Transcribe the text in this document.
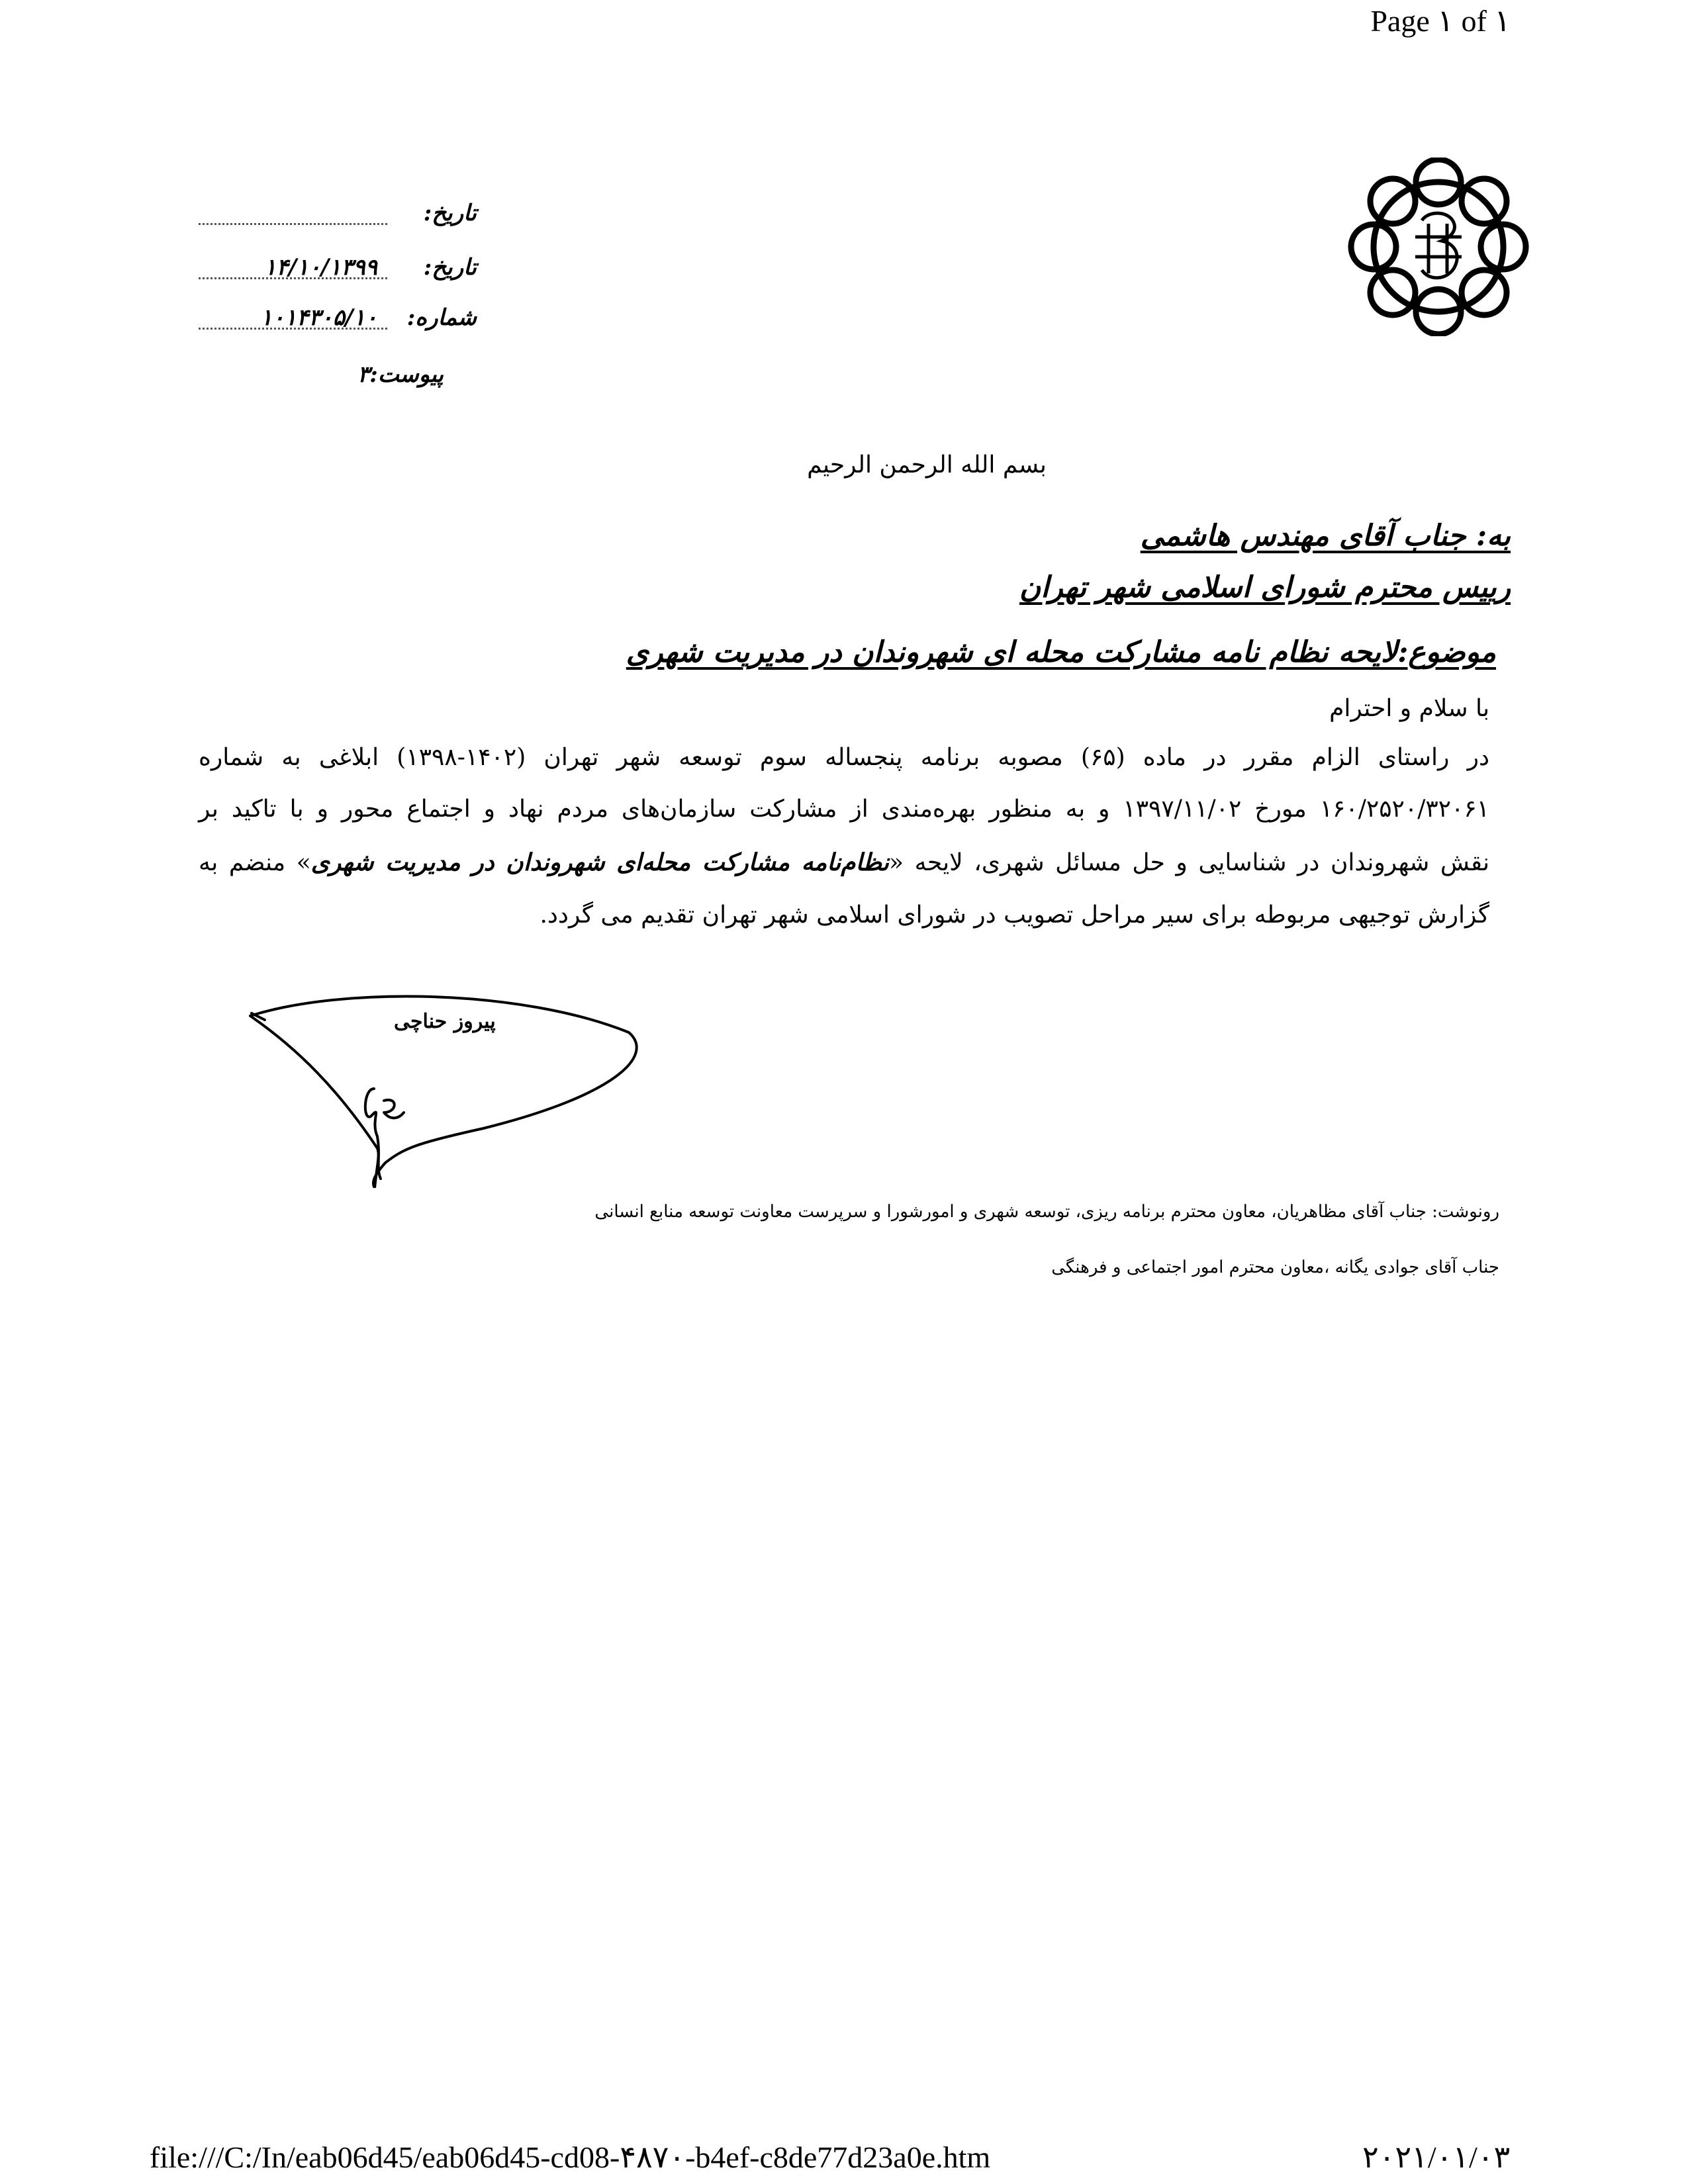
Page ١ of ١
تاریخ:
تاریخ:
۱۴/۱۰/۱۳۹۹
شماره:
۱۰۱۴۳۰۵/۱۰
پیوست:۳
بسم الله الرحمن الرحیم
به: جناب آقای مهندس هاشمی
رییس محترم شورای اسلامی شهر تهران
موضوع:لایحه نظام نامه مشارکت محله ای شهروندان در مدیریت شهری
با سلام و احترام
در راستای الزام مقرر در ماده (۶۵) مصوبه برنامه پنجساله سوم توسعه شهر تهران (۱۴۰۲-۱۳۹۸) ابلاغی به شماره
۱۶۰/۲۵۲۰/۳۲۰۶۱ مورخ ۱۳۹۷/۱۱/۰۲ و به منظور بهره‌مندی از مشارکت سازمان‌های مردم نهاد و اجتماع محور و با تاکید بر
نقش شهروندان در شناسایی و حل مسائل شهری، لایحه «نظام‌نامه مشارکت محله‌ای شهروندان در مدیریت شهری» منضم به
گزارش توجیهی مربوطه برای سیر مراحل تصویب در شورای اسلامی شهر تهران تقدیم می گردد.
پیروز حناچی
رونوشت: جناب آقای مظاهریان، معاون محترم برنامه ریزی، توسعه شهری و امورشورا و سرپرست معاونت توسعه منابع انسانی
جناب آقای جوادی یگانه ،معاون محترم امور اجتماعی و فرهنگی
file:///C:/In/eab06d45/eab06d45-cd08-۴۸۷۰-b4ef-c8de77d23a0e.htm	٢٠٢١/٠١/٠٣
